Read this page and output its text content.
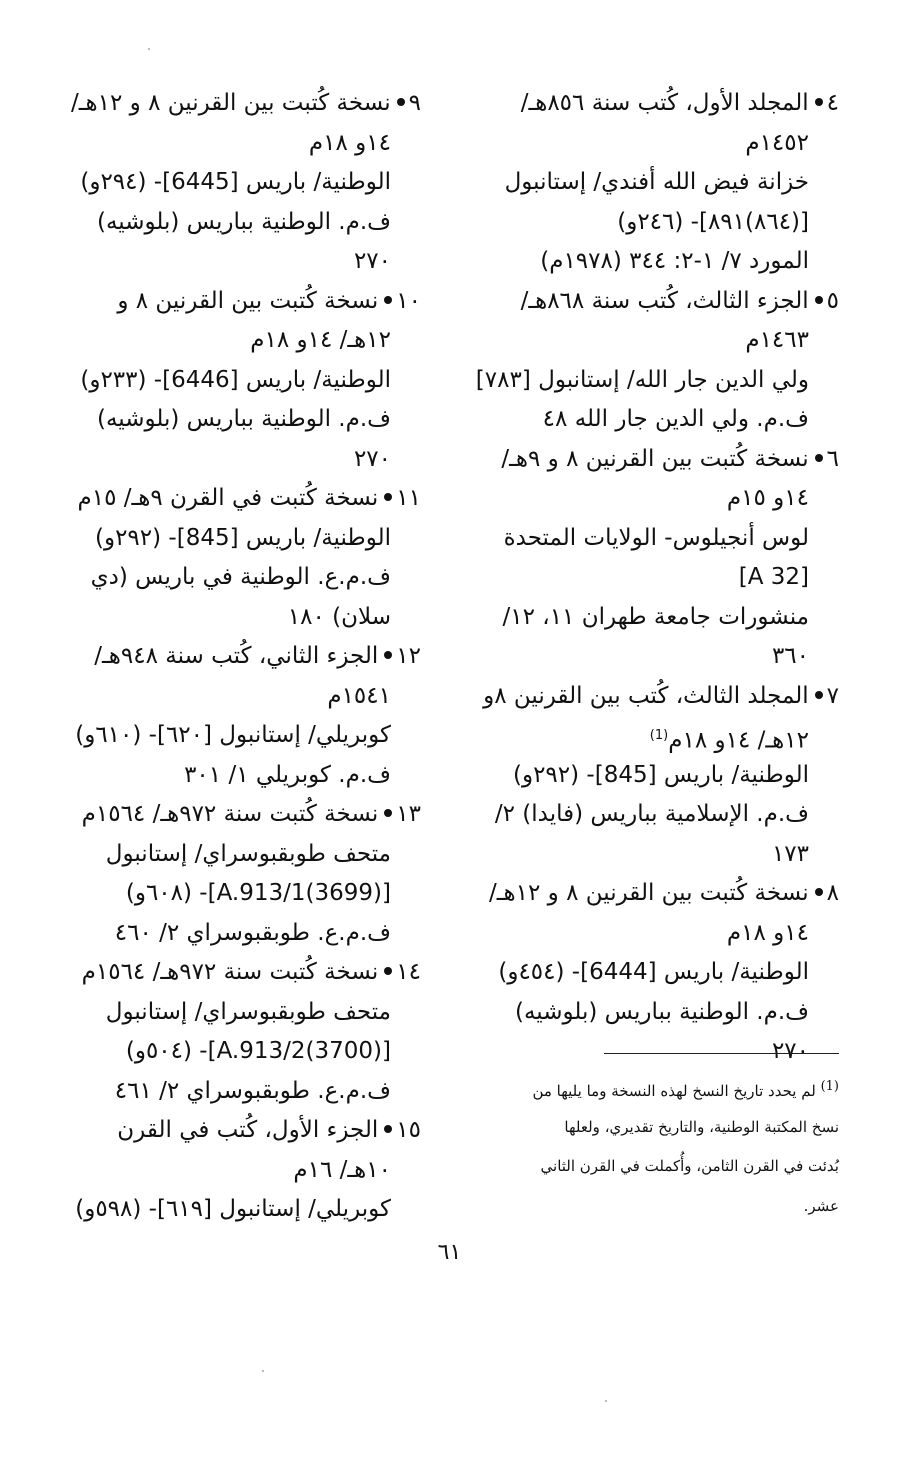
٤المجلد الأول، كُتب سنة ٨٥٦هـ/
١٤٥٢م
خزانة فيض الله أفندي/ إستانبول
[(٨٦٤)٨٩١]- (٢٤٦و)
المورد ٧/ ١-٢: ٣٤٤ (١٩٧٨م)
٥الجزء الثالث، كُتب سنة ٨٦٨هـ/
١٤٦٣م
ولي الدين جار الله/ إستانبول [٧٨٣]
ف.م. ولي الدين جار الله ٤٨
٦نسخة كُتبت بين القرنين ٨ و ٩هـ/
١٤و ١٥م
لوس أنجيلوس- الولايات المتحدة
[A 32]
منشورات جامعة طهران ١١، ١٢/
٣٦٠
٧المجلد الثالث، كُتب بين القرنين ٨و
١٢هـ/ ١٤و ١٨م$^{(1)}$
الوطنية/ باريس [845]- (٢٩٢و)
ف.م. الإسلامية بباريس (فايدا) ٢/
١٧٣
٨نسخة كُتبت بين القرنين ٨ و ١٢هـ/
١٤و ١٨م
الوطنية/ باريس [6444]- (٤٥٤و)
ف.م. الوطنية بباريس (بلوشيه)
٢٧٠
٩نسخة كُتبت بين القرنين ٨ و ١٢هـ/
١٤و ١٨م
الوطنية/ باريس [6445]- (٢٩٤و)
ف.م. الوطنية بباريس (بلوشيه)
٢٧٠
١٠نسخة كُتبت بين القرنين ٨ و
١٢هـ/ ١٤و ١٨م
الوطنية/ باريس [6446]- (٢٣٣و)
ف.م. الوطنية بباريس (بلوشيه)
٢٧٠
١١نسخة كُتبت في القرن ٩هـ/ ١٥م
الوطنية/ باريس [845]- (٢٩٢و)
ف.م.ع. الوطنية في باريس (دي
سلان) ١٨٠
١٢الجزء الثاني، كُتب سنة ٩٤٨هـ/
١٥٤١م
كوبريلي/ إستانبول [٦٢٠]- (٦١٠و)
ف.م. كوبريلي ١/ ٣٠١
١٣نسخة كُتبت سنة ٩٧٢هـ/ ١٥٦٤م
متحف طوبقبوسراي/ إستانبول
[(3699)A.913/1]- (٦٠٨و)
ف.م.ع. طوبقبوسراي ٢/ ٤٦٠
١٤نسخة كُتبت سنة ٩٧٢هـ/ ١٥٦٤م
متحف طوبقبوسراي/ إستانبول
[(3700)A.913/2]- (٥٠٤و)
ف.م.ع. طوبقبوسراي ٢/ ٤٦١
١٥الجزء الأول، كُتب في القرن
١٠هـ/ ١٦م
كوبريلي/ إستانبول [٦١٩]- (٥٩٨و)
$^{(1)}$ لم يحدد تاريخ النسخ لهذه النسخة وما يليها من
نسخ المكتبة الوطنية، والتاريخ تقديري، ولعلها
بُدئت في القرن الثامن، وأُكملت في القرن الثاني
عشر.
٦١
